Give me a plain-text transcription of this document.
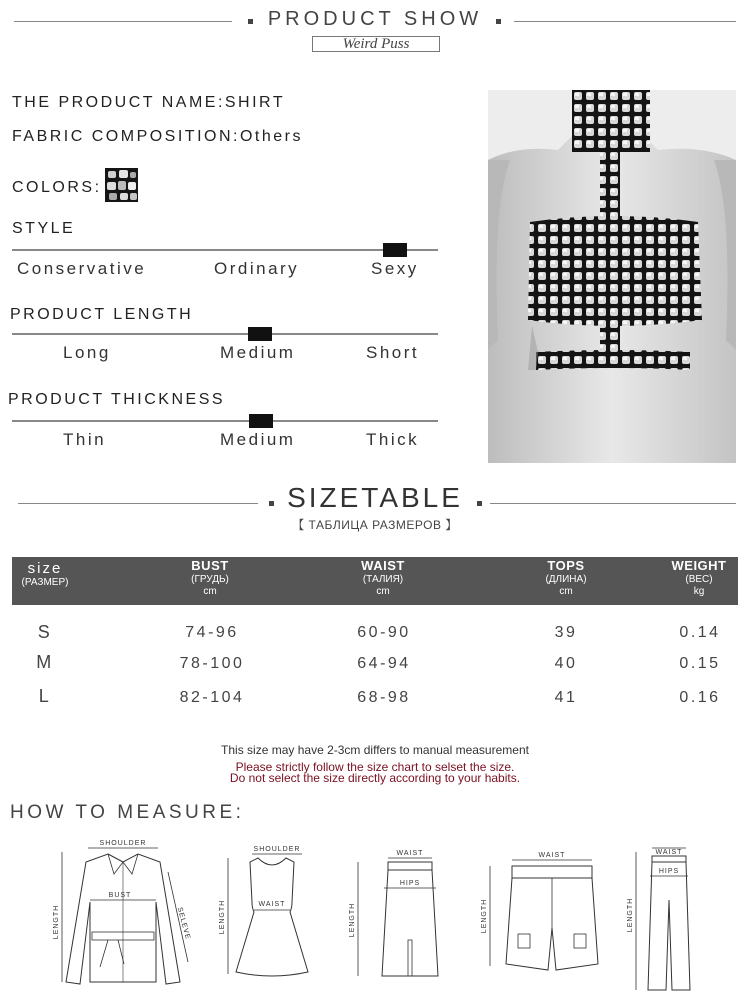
PRODUCT SHOW
Weird Puss
THE PRODUCT NAME:SHIRT
FABRIC COMPOSITION:Others
COLORS:
STYLE
Conservative	Ordinary	Sexy
PRODUCT LENGTH
Long	Medium	Short
PRODUCT THICKNESS
Thin	Medium	Thick
SIZETABLE
【 ТАБЛИЦА РАЗМЕРОВ 】
size
(РАЗМЕР)
BUST
(ГРУДЬ)
cm
WAIST
(ТАЛИЯ)
cm
TOPS
(ДЛИНА)
cm
WEIGHT
(ВЕС)
kg
S	74-96	60-90	39	0.14
M	78-100	64-94	40	0.15
L	82-104	68-98	41	0.16
This size may have 2-3cm differs to manual measurement
Please strictly follow the size chart to selset the size.
Do not select the size directly according to your habits.
HOW TO MEASURE:
SHOULDER
BUST
LENGTH	SELEVE
SHOULDER
WAIST
LENGTH
WAIST
HIPS
LENGTH
WAIST
LENGTH
WAIST
HIPS
LENGTH
